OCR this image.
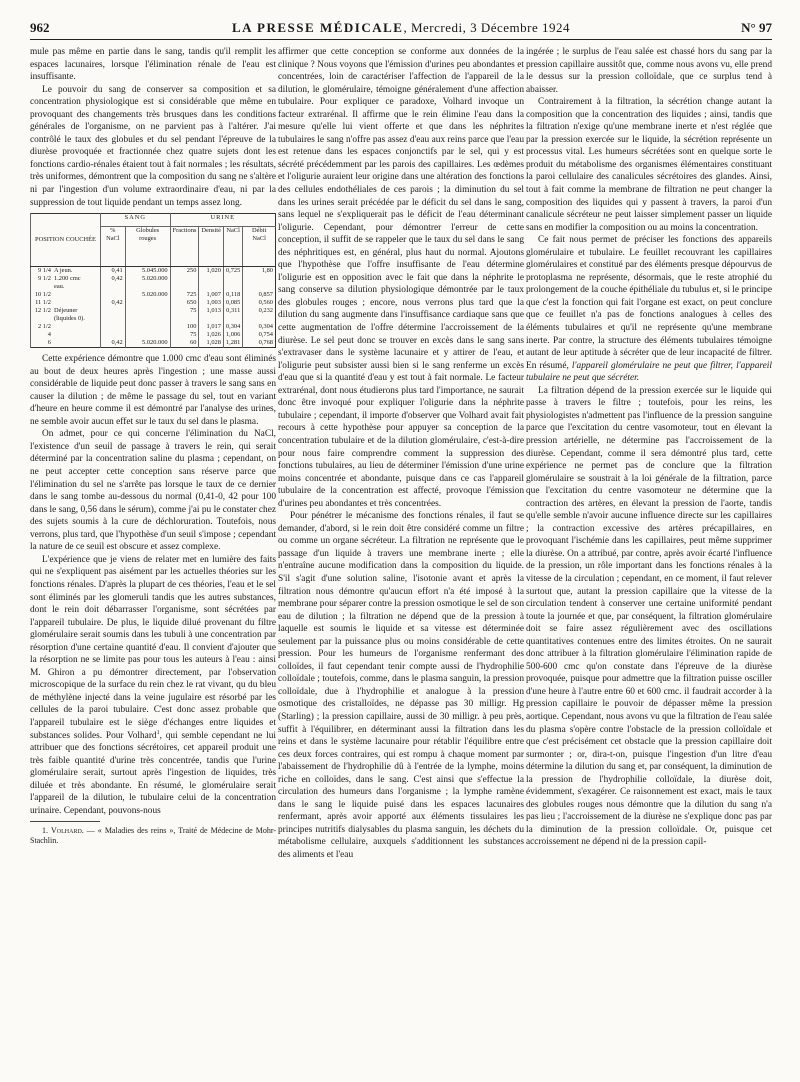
962	LA PRESSE MÉDICALE, Mercredi, 3 Décembre 1924	N° 97

mule pas même en partie dans le sang, tandis qu'il remplit les espaces lacunaires, lorsque l'élimination rénale de l'eau est insuffisante.

Le pouvoir du sang de conserver sa composition et sa concentration physiologique est si considérable que même en provoquant des changements très brusques dans les conditions générales de l'organisme, on ne parvient pas à l'altérer. J'ai contrôlé le taux des globules et du sel pendant l'épreuve de la diurèse provoquée et fractionnée chez quatre sujets dont les fonctions cardio-rénales étaient tout à fait normales ; les résultats, très uniformes, démontrent que la composition du sang ne s'altère ni par l'ingestion d'un volume extraordinaire d'eau, ni par la suppression de tout liquide pendant un temps assez long.

POSITION COUCHÉE	SANG		URINE			
	% NaCl	Globules rouges	Fractions	Densité	NaCl	Débit NaCl
9 1/4 A jeun.	0,41	5.045.000	250	1,020	0,725	1,80
9 1/2 1.200 cmc	0,42	5.020.000				
eau.						
10 1/2		5.020.000	725	1,007	0,118	0,857
11 1/2	0,42		650	1,003	0,085	0,560
12 1/2 Déjeuner			75	1,013	0,311	0,232
(liquides 0).						
2 1/2			100	1,017	0,304	0,304
4			75	1,026	1,006	0,754
6	0,42	5.020.000	60	1,028	1,281	0,768

Cette expérience démontre que 1.000 cmc d'eau sont éliminés au bout de deux heures après l'ingestion ; une masse aussi considérable de liquide peut donc passer à travers le sang sans en causer la dilution ; de même le passage du sel, tout en variant d'heure en heure comme il est démontré par l'analyse des urines, ne semble avoir aucun effet sur le taux du sel dans le plasma.

On admet, pour ce qui concerne l'élimination du NaCl, l'existence d'un seuil de passage à travers le rein, qui serait déterminé par la concentration saline du plasma ; cependant, on ne peut accepter cette conception sans réserve parce que l'élimination du sel ne s'arrête pas lorsque le taux de ce dernier dans le sang tombe au-dessous du normal (0,41-0, 42 pour 100 dans le sang, 0,56 dans le sérum), comme j'ai pu le constater chez des sujets soumis à la cure de déchloruration. Toutefois, nous verrons, plus tard, que l'hypothèse d'un seuil s'impose ; cependant la nature de ce seuil est obscure et assez complexe.

L'expérience que je viens de relater met en lumière des faits qui ne s'expliquent pas aisément par les actuelles théories sur les fonctions rénales. D'après la plupart de ces théories, l'eau et le sel sont éliminés par les glomeruli tandis que les autres substances, dont le rein doit débarrasser l'organisme, sont sécrétées par l'appareil tubulaire. De plus, le liquide dilué provenant du filtre glomérulaire serait soumis dans les tubuli à une concentration par résorption d'une certaine quantité d'eau. Il convient d'ajouter que la résorption ne se limite pas pour tous les auteurs à l'eau : ainsi M. Ghiron a pu démontrer directement, par l'observation microscopique de la surface du rein chez le rat vivant, qu du bleu de méthylène injecté dans la veine jugulaire est résorbé par les cellules de la paroi tubulaire. C'est donc assez probable que l'appareil tubulaire est le siège d'échanges entre liquides et substances solides. Pour Volhard$^1$, qui semble cependant ne lui attribuer que des fonctions sécrétoires, cet appareil produit une très faible quantité d'urine très concentrée, tandis que l'urine glomérulaire serait, surtout après l'ingestion de liquides, très diluée et très abondante. En résumé, le glomérulaire serait l'appareil de la dilution, le tubulaire celui de la concentration urinaire. Cependant, pouvons-nous

1. Volhard. — « Maladies des reins », Traité de Médecine de Mohr-Stachlin.

affirmer que cette conception se conforme aux données de la clinique ? Nous voyons que l'émission d'urines peu abondantes et concentrées, loin de caractériser l'affection de l'appareil de la dilution, le glomérulaire, témoigne généralement d'une affection tubulaire. Pour expliquer ce paradoxe, Volhard invoque un facteur extrarénal. Il affirme que le rein élimine l'eau dans la mesure qu'elle lui vient offerte et que dans les néphrites tubulaires le sang n'offre pas assez d'eau aux reins parce que l'eau est retenue dans les espaces conjonctifs par le sel, qui y est sécrété précédemment par les parois des capillaires. Les œdèmes et l'oligurie auraient leur origine dans une altération des fonctions des cellules endothéliales de ces parois ; la diminution du sel dans les urines serait précédée par le déficit du sel dans le sang, sans lequel ne s'expliquerait pas le déficit de l'eau déterminant l'oligurie. Cependant, pour démontrer l'erreur de cette conception, il suffit de se rappeler que le taux du sel dans le sang des néphritiques est, en général, plus haut du normal. Ajoutons que l'hypothèse que l'offre insuffisante de l'eau détermine l'oligurie est en opposition avec le fait que dans la néphrite le sang conserve sa dilution physiologique démontrée par le taux des globules rouges ; encore, nous verrons plus tard que la dilution du sang augmente dans l'insuffisance cardiaque sans que cette augmentation de l'offre détermine l'accroissement de la diurèse. Le sel peut donc se trouver en excès dans le sang sans s'extravaser dans le système lacunaire et y attirer de l'eau, et l'oligurie peut subsister aussi bien si le sang renferme un excès d'eau que si la quantité d'eau y est tout à fait normale. Le facteur extrarénal, dont nous étudierons plus tard l'importance, ne saurait donc être invoqué pour expliquer l'oligurie dans la néphrite tubulaire ; cependant, il importe d'observer que Volhard avait fait recours à cette hypothèse pour appuyer sa conception de la concentration tubulaire et de la dilution glomérulaire, c'est-à-dire pour nous faire comprendre comment la suppression des fonctions tubulaires, au lieu de déterminer l'émission d'une urine moins concentrée et abondante, puisque dans ce cas l'appareil tubulaire de la concentration est affecté, provoque l'émission d'urines peu abondantes et très concentrées.

Pour pénétrer le mécanisme des fonctions rénales, il faut se demander, d'abord, si le rein doit être considéré comme un filtre ou comme un organe sécréteur. La filtration ne représente que le passage d'un liquide à travers une membrane inerte ; elle n'entraîne aucune modification dans la composition du liquide. S'il s'agit d'une solution saline, l'isotonie avant et après la filtration nous démontre qu'aucun effort n'a été imposé à la membrane pour séparer contre la pression osmotique le sel de son eau de dilution ; la filtration ne dépend que de la pression à laquelle est soumis le liquide et sa vitesse est déterminée seulement par la puissance plus ou moins considérable de cette pression. Pour les humeurs de l'organisme renfermant des colloïdes, il faut cependant tenir compte aussi de l'hydrophilie colloïdale ; toutefois, comme, dans le plasma sanguin, la pression colloïdale, due à l'hydrophilie et analogue à la pression osmotique des cristalloïdes, ne dépasse pas 30 milligr. Hg (Starling) ; la pression capillaire, aussi de 30 milligr. à peu près, suffit à l'équilibrer, en déterminant aussi la filtration dans les reins et dans le système lacunaire pour rétablir l'équilibre entre ces deux forces contraires, qui est rompu à chaque moment par l'abaissement de l'hydrophilie dû à l'entrée de la lymphe, moins riche en colloïdes, dans le sang. C'est ainsi que s'effectue la circulation des humeurs dans l'organisme ; la lymphe ramène dans le sang le liquide puisé dans les espaces lacunaires renfermant, après avoir apporté aux éléments tissulaires les principes nutritifs dialysables du plasma sanguin, les déchets du métabolisme cellulaire, auxquels s'additionnent les substances des aliments et l'eau

ingérée ; le surplus de l'eau salée est chassé hors du sang par la pression capillaire aussitôt que, comme nous avons vu, elle prend le dessus sur la pression colloïdale, que ce surplus tend à abaisser.

Contrairement à la filtration, la sécrétion change autant la composition que la concentration des liquides ; ainsi, tandis que la filtration n'exige qu'une membrane inerte et n'est réglée que par la pression exercée sur le liquide, la sécrétion représente un processus vital. Les humeurs sécrétées sont en quelque sorte le produit du métabolisme des organismes élémentaires constituant la paroi cellulaire des canalicules sécrétoires des glandes. Ainsi, tout à fait comme la membrane de filtration ne peut changer la composition des liquides qui y passent à travers, la paroi d'un canalicule sécréteur ne peut laisser simplement passer un liquide sans en modifier la composition ou au moins la concentration.

Ce fait nous permet de préciser les fonctions des appareils glomérulaire et tubulaire. Le feuillet recouvrant les capillaires glomérulaires et constitué par des éléments presque dépourvus de protoplasma ne représente, désormais, que le reste atrophié du prolongement de la couche épithéliale du tubulus et, si le principe que c'est la fonction qui fait l'organe est exact, on peut conclure que ce feuillet n'a pas de fonctions analogues à celles des éléments tubulaires et qu'il ne représente qu'une membrane inerte. Par contre, la structure des éléments tubulaires témoigne autant de leur aptitude à sécréter que de leur incapacité de filtrer. En résumé, l'appareil glomérulaire ne peut que filtrer, l'appareil tubulaire ne peut que sécréter.

La filtration dépend de la pression exercée sur le liquide qui passe à travers le filtre ; toutefois, pour les reins, les physiologistes n'admettent pas l'influence de la pression sanguine parce que l'excitation du centre vasomoteur, tout en élevant la pression artérielle, ne détermine pas l'accroissement de la diurèse. Cependant, comme il sera démontré plus tard, cette expérience ne permet pas de conclure que la filtration glomérulaire se soustrait à la loi générale de la filtration, parce que l'excitation du centre vasomoteur ne détermine que la contraction des artères, en élevant la pression de l'aorte, tandis qu'elle semble n'avoir aucune influence directe sur les capillaires ; la contraction excessive des artères précapillaires, en provoquant l'ischémie dans les capillaires, peut même supprimer la diurèse. On a attribué, par contre, après avoir écarté l'influence de la pression, un rôle important dans les fonctions rénales à la vitesse de la circulation ; cependant, en ce moment, il faut relever surtout que, autant la pression capillaire que la vitesse de la circulation tendent à conserver une certaine uniformité pendant toute la journée et que, par conséquent, la filtration glomérulaire doit se faire assez régulièrement avec des oscillations quantitatives contenues entre des limites étroites. On ne saurait donc attribuer à la filtration glomérulaire l'élimination rapide de 500-600 cmc qu'on constate dans l'épreuve de la diurèse provoquée, puisque pour admettre que la filtration puisse osciller d'une heure à l'autre entre 60 et 600 cmc. il faudrait accorder à la pression capillaire le pouvoir de dépasser même la pression aortique. Cependant, nous avons vu que la filtration de l'eau salée du plasma s'opère contre l'obstacle de la pression colloïdale et que c'est précisément cet obstacle que la pression capillaire doit surmonter ; or, dira-t-on, puisque l'ingestion d'un litre d'eau détermine la dilution du sang et, par conséquent, la diminution de la pression de l'hydrophilie colloïdale, la diurèse doit, évidemment, s'exagérer. Ce raisonnement est exact, mais le taux des globules rouges nous démontre que la dilution du sang n'a pas lieu ; l'accroissement de la diurèse ne s'explique donc pas par la diminution de la pression colloïdale. Or, puisque cet accroissement ne dépend ni de la pression capil-
